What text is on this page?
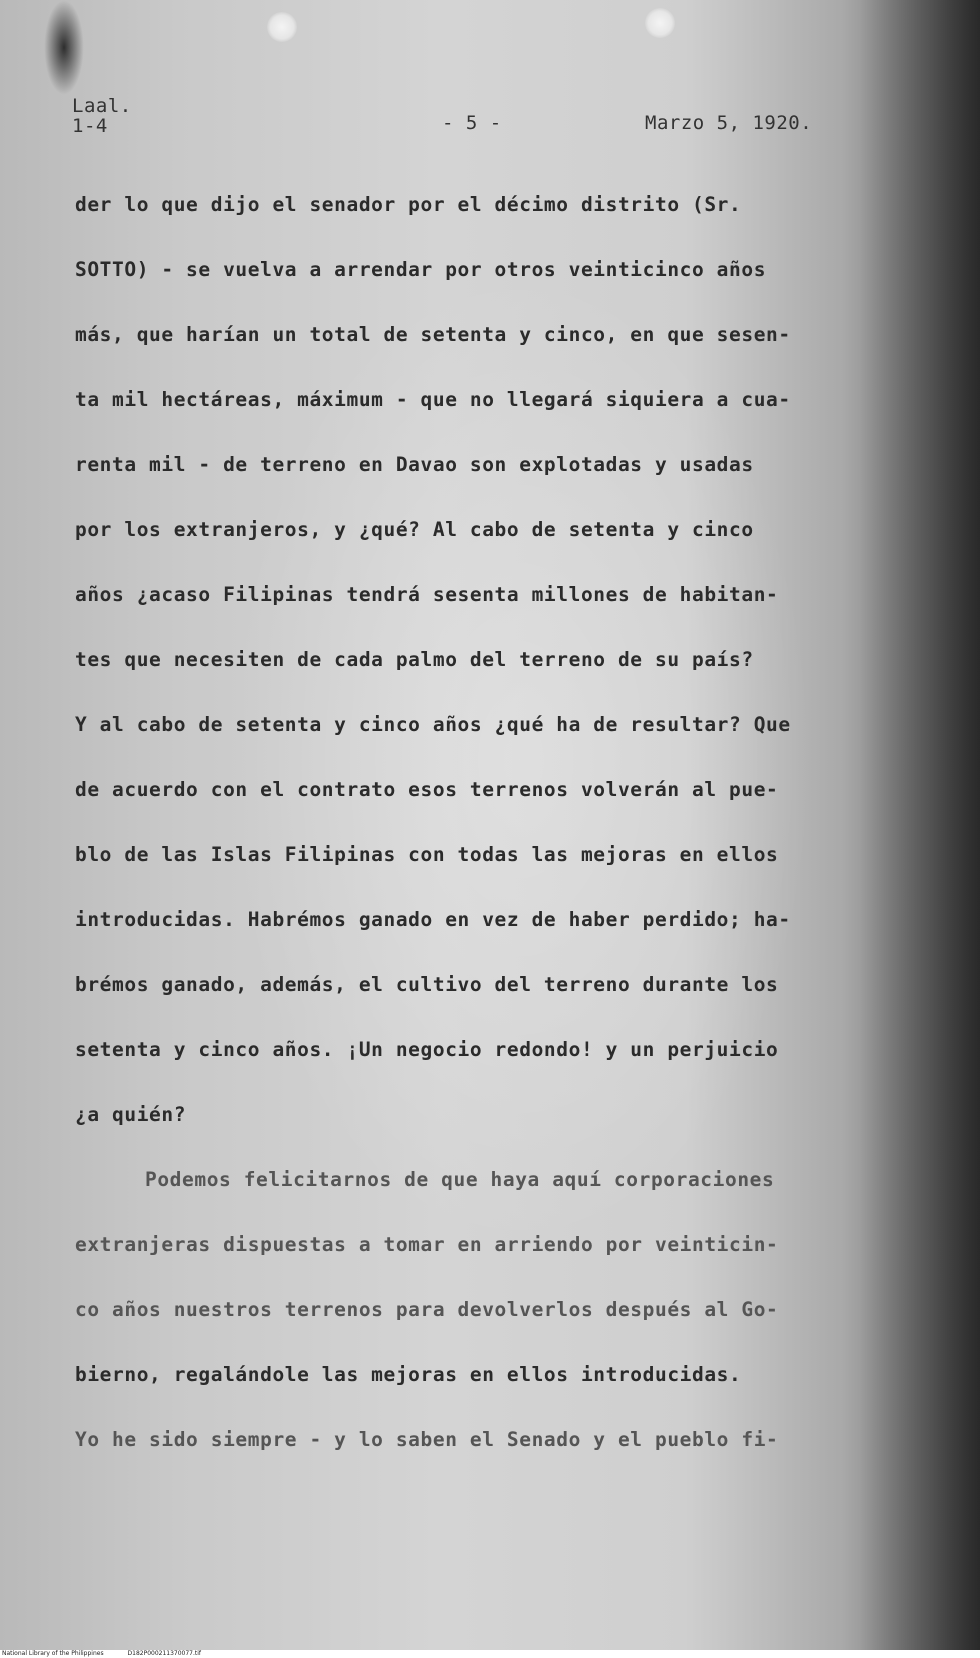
Laal.
1-4	- 5 -	Marzo 5, 1920.
der lo que dijo el senador por el décimo distrito (Sr.
SOTTO) - se vuelva a arrendar por otros veinticinco años
más, que harían un total de setenta y cinco, en que sesen-
ta mil hectáreas, máximum - que no llegará siquiera a cua-
renta mil - de terreno en Davao son explotadas y usadas
por los extranjeros, y ¿qué? Al cabo de setenta y cinco
años ¿acaso Filipinas tendrá sesenta millones de habitan-
tes que necesiten de cada palmo del terreno de su país?
Y al cabo de setenta y cinco años ¿qué ha de resultar? Que
de acuerdo con el contrato esos terrenos volverán al pue-
blo de las Islas Filipinas con todas las mejoras en ellos
introducidas. Habrémos ganado en vez de haber perdido; ha-
brémos ganado, además, el cultivo del terreno durante los
setenta y cinco años. ¡Un negocio redondo! y un perjuicio
¿a quién?
Podemos felicitarnos de que haya aquí corporaciones
extranjeras dispuestas a tomar en arriendo por veinticin-
co años nuestros terrenos para devolverlos después al Go-
bierno, regalándole las mejoras en ellos introducidas.
Yo he sido siempre - y lo saben el Senado y el pueblo fi-
National Library of the Philippines	D182P000211370077.tif
